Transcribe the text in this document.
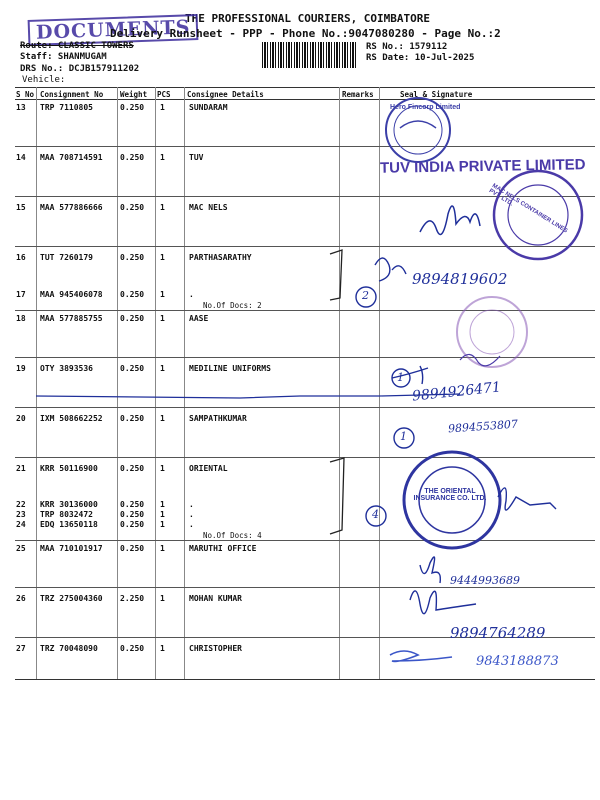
THE PROFESSIONAL COURIERS, COIMBATORE
DOCUMENTS
Delivery Runsheet - PPP - Phone No.:9047080280 - Page No.:2
Route: CLASSIC TOWERS
Staff: SHANMUGAM
DRS No.: DCJB157911202
Vehicle:
RS No.: 1579112
RS Date: 10-Jul-2025
S No Consignment No Weight PCS Consignee Details	Remarks	Seal & Signature
13 TRP 7110805	0.250 1	SUNDARAM
14 MAA 708714591 0.250 1	TUV
15 MAA 577886666 0.250 1	MAC NELS
16 TUT 7260179	0.250 1	PARTHASARATHY
17 MAA 945406078 0.250 1	.
No.Of Docs: 2
18 MAA 577885755 0.250 1	AASE
19 OTY 3893536	0.250 1	MEDILINE UNIFORMS
20 IXM 508662252 0.250 1	SAMPATHKUMAR
21 KRR 50116900	0.250 1	ORIENTAL
22 KRR 30136000	0.250 1	.
23 TRP 8032472	0.250 1	.
24 EDQ 13650118	0.250 1	.
No.Of Docs: 4
25 MAA 710101917 0.250 1	MARUTHI OFFICE
26 TRZ 275004360 2.250 1	MOHAN KUMAR
27 TRZ 70048090	0.250 1	CHRISTOPHER
Hero Fincorp Limited
TUV INDIA PRIVATE LIMITED
MAC NELS CONTAINER LINES PVT. LTD.
THE ORIENTAL INSURANCE CO. LTD.
2
1
1
4
9894819602
9894926471
9894553807
9444993689
9894764289
9843188873
